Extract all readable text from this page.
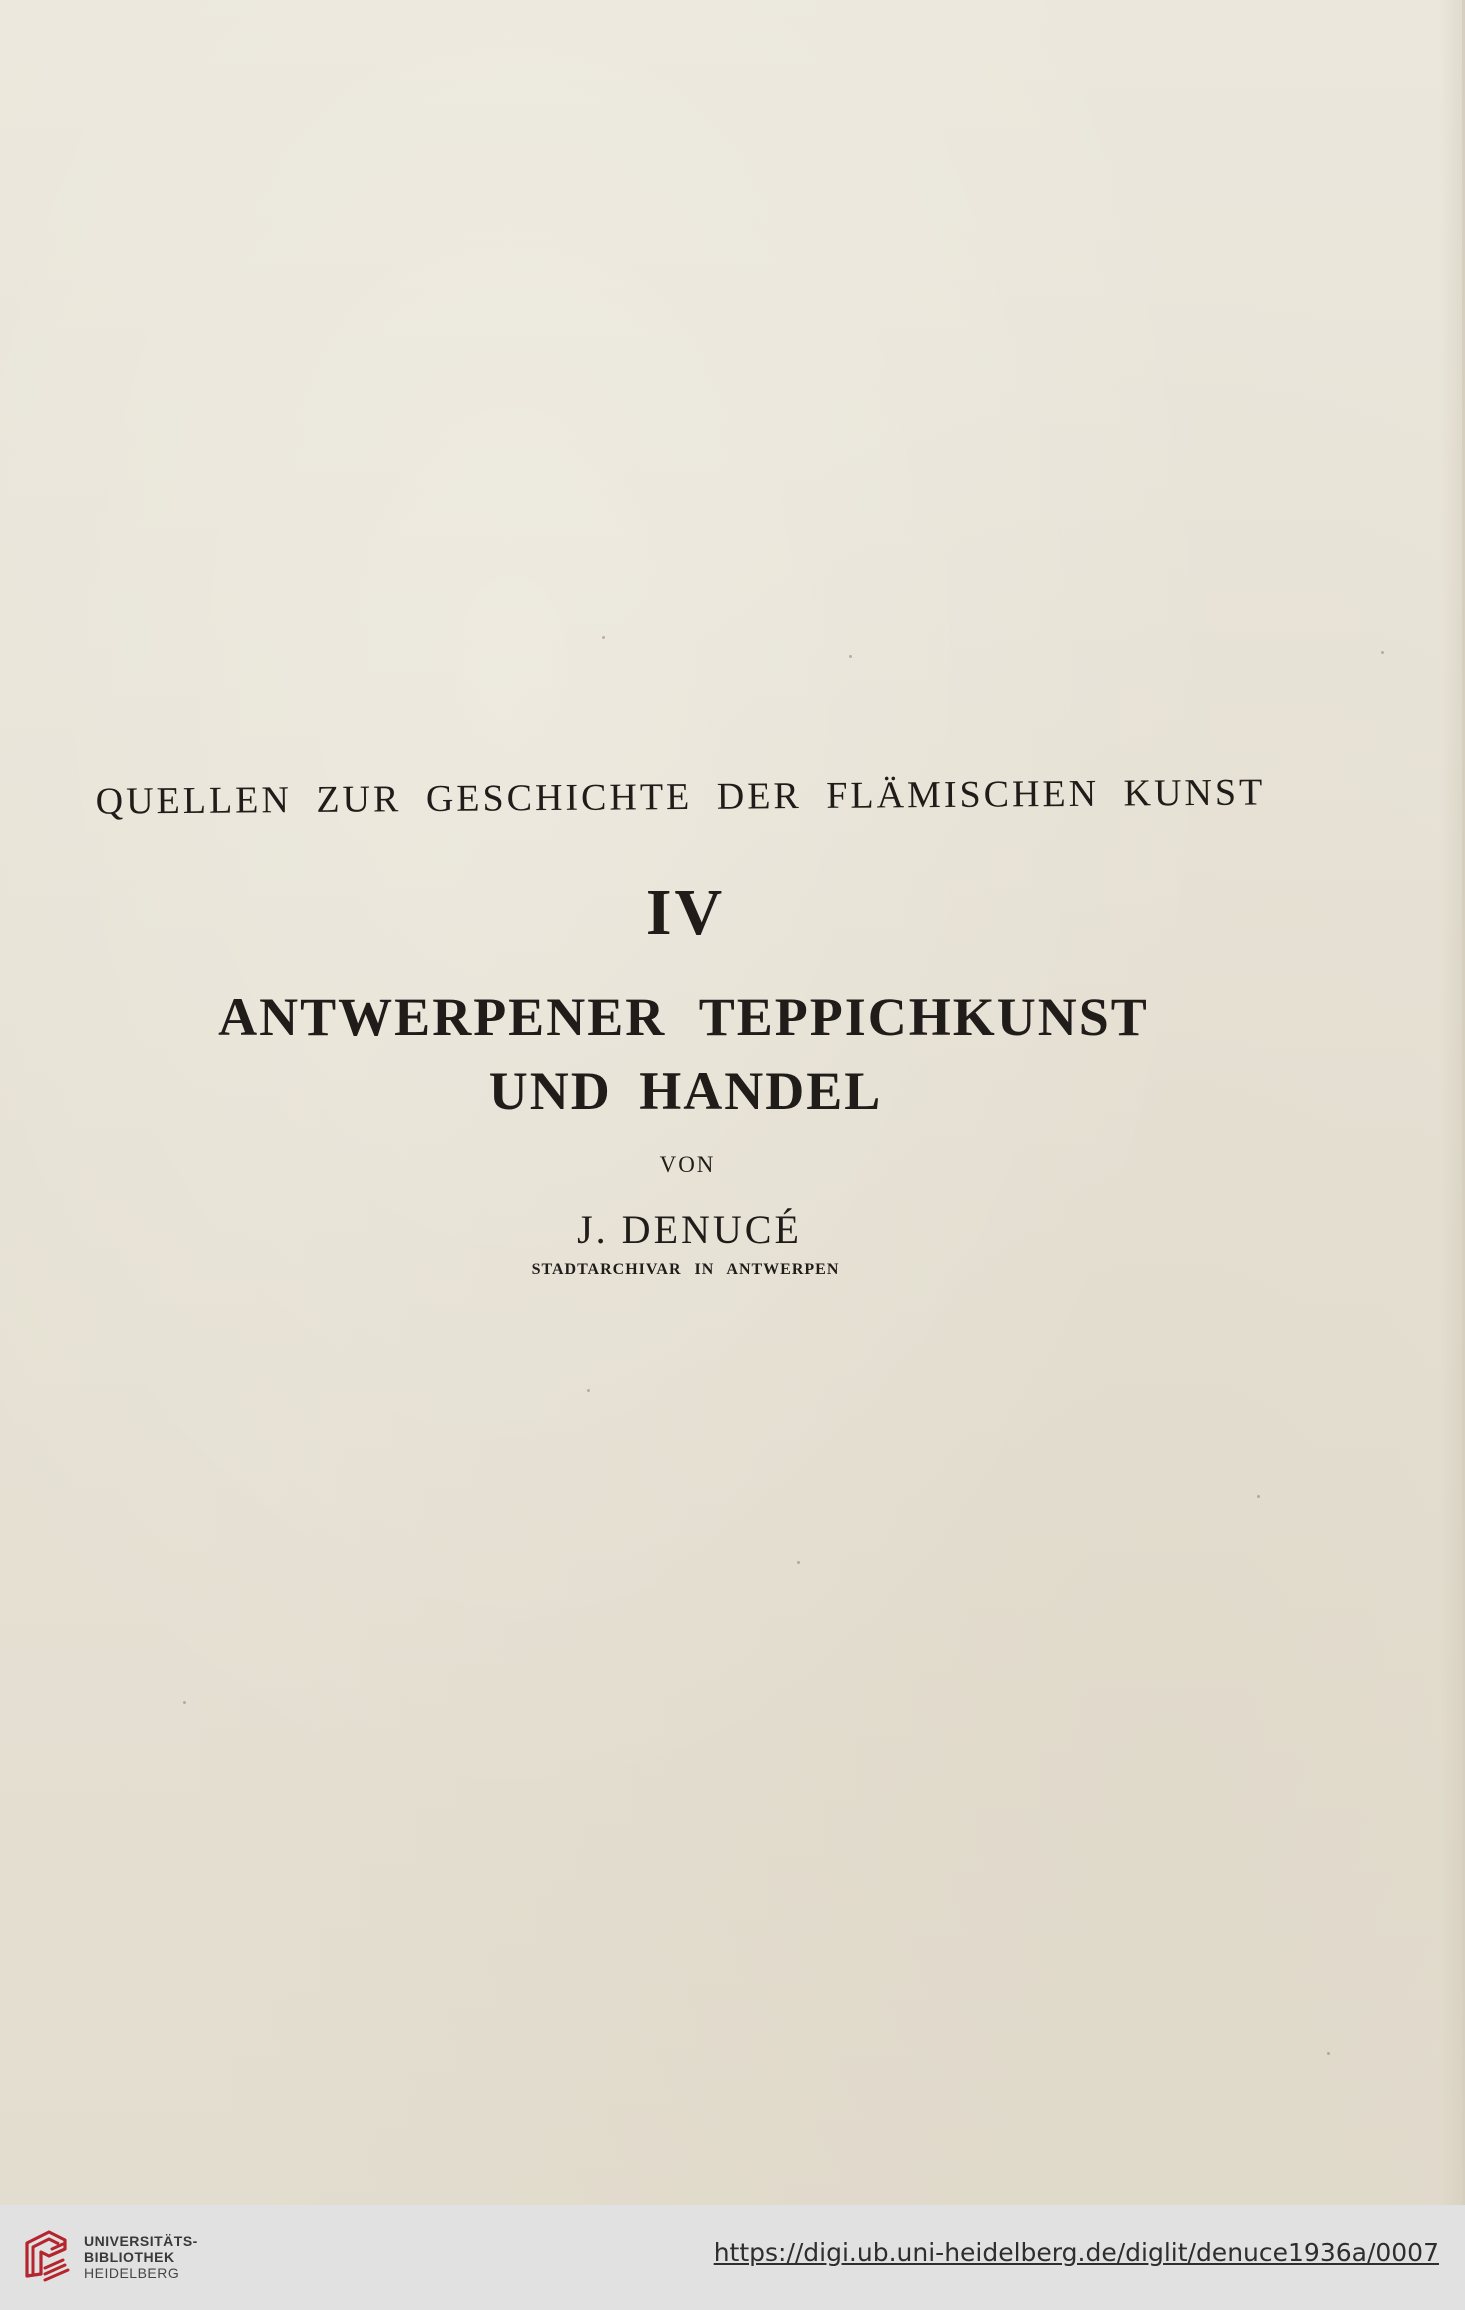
QUELLEN ZUR GESCHICHTE DER FLÄMISCHEN KUNST
IV
ANTWERPENER TEPPICHKUNST
UND HANDEL
VON
J. DENUCÉ
STADTARCHIVAR IN ANTWERPEN
UNIVERSITÄTS-
BIBLIOTHEK
HEIDELBERG
https://digi.ub.uni-heidelberg.de/diglit/denuce1936a/0007
